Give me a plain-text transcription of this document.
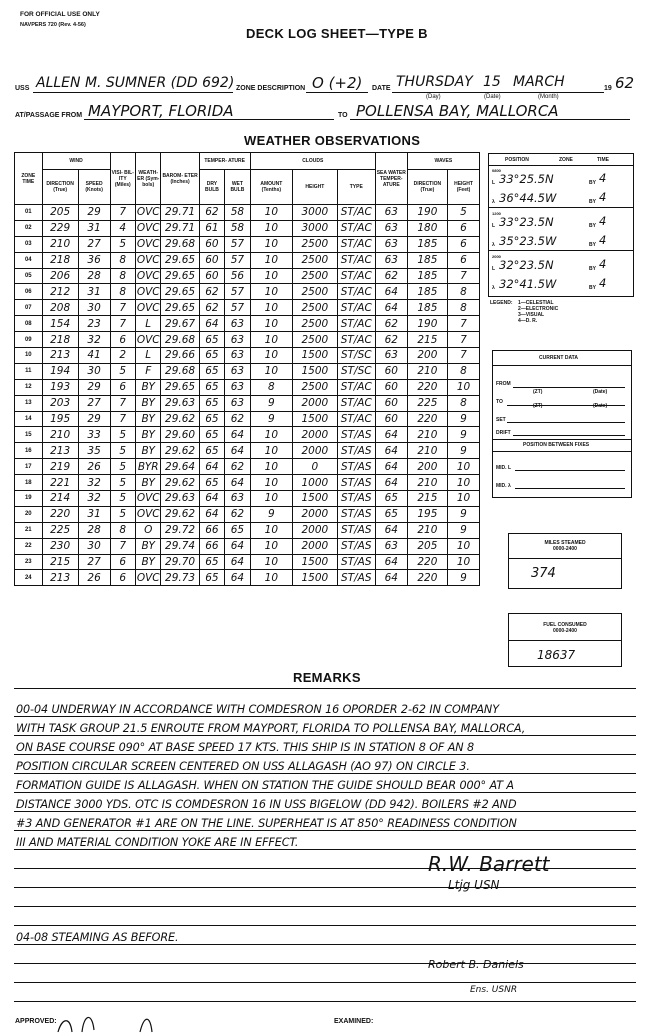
FOR OFFICIAL USE ONLY
NAVPERS 720 (Rev. 4-56)
DECK LOG SHEET—TYPE B
USS ALLEN M. SUMNER (DD 692) ZONE DESCRIPTION O (+2) DATE THURSDAY 15 MARCH	19 62
(Day)	(Date)	(Month)
AT/PASSAGE FROM MAYPORT, FLORIDA	TO POLLENSA BAY, MALLORCA
WEATHER OBSERVATIONS
ZONE TIME	WIND		VISI- BIL- ITY (Miles)	WEATH- ER (Sym- bols)	BAROM- ETER (Inches)	TEMPER- ATURE		CLOUDS			SEA WATER TEMPER- ATURE	WAVES	
	DIRECTION (True)	SPEED (Knots)				DRY BULB	WET BULB	AMOUNT (Tenths)	HEIGHT	TYPE		DIRECTION (True)	HEIGHT (Feet)
01	205	29	7	OVC	29.71	62	58	10	3000	ST/AC	63	190	5
02	229	31	4	OVC	29.71	61	58	10	3000	ST/AC	63	180	6
03	210	27	5	OVC	29.68	60	57	10	2500	ST/AC	63	185	6
04	218	36	8	OVC	29.65	60	57	10	2500	ST/AC	63	185	6
05	206	28	8	OVC	29.65	60	56	10	2500	ST/AC	62	185	7
06	212	31	8	OVC	29.65	62	57	10	2500	ST/AC	64	185	8
07	208	30	7	OVC	29.65	62	57	10	2500	ST/AC	64	185	8
08	154	23	7	L	29.67	64	63	10	2500	ST/AC	62	190	7
09	218	32	6	OVC	29.68	65	63	10	2500	ST/AC	62	215	7
10	213	41	2	L	29.66	65	63	10	1500	ST/SC	63	200	7
11	194	30	5	F	29.68	65	63	10	1500	ST/SC	60	210	8
12	193	29	6	BY	29.65	65	63	8	2500	ST/AC	60	220	10
13	203	27	7	BY	29.63	65	63	9	2000	ST/AC	60	225	8
14	195	29	7	BY	29.62	65	62	9	1500	ST/AC	60	220	9
15	210	33	5	BY	29.60	65	64	10	2000	ST/AS	64	210	9
16	213	35	5	BY	29.62	65	64	10	2000	ST/AS	64	210	9
17	219	26	5	BYR	29.64	64	62	10	0	ST/AS	64	200	10
18	221	32	5	BY	29.62	65	64	10	1000	ST/AS	64	210	10
19	214	32	5	OVC	29.63	64	63	10	1500	ST/AS	65	215	10
20	220	31	5	OVC	29.62	64	62	9	2000	ST/AS	65	195	9
21	225	28	8	O	29.72	66	65	10	2000	ST/AS	64	210	9
22	230	30	7	BY	29.74	66	64	10	2000	ST/AS	63	205	10
23	215	27	6	BY	29.70	65	64	10	1500	ST/AS	64	220	10
24	213	26	6	OVC	29.73	65	64	10	1500	ST/AS	64	220	9
POSITION	ZONE	TIME
0800
L 33°25.5N	BY 4
λ 36°44.5W	BY 4
1200
L 33°23.5N	BY 4
λ 35°23.5W	BY 4
2000
L 32°23.5N	BY 4
λ 32°41.5W	BY 4
LEGEND: 1—CELESTIAL
2—ELECTRONIC
3—VISUAL
4—D. R.
CURRENT DATA
FROM
(ZT)	(Date)
TO
(ZT)	(Date)
SET
DRIFT
POSITION BETWEEN FIXES
MID. L
MID. λ
MILES STEAMED
0000-2400
374
FUEL CONSUMED
0000-2400
18637
REMARKS
00-04 UNDERWAY IN ACCORDANCE WITH COMDESRON 16 OPORDER 2-62 IN COMPANY
WITH TASK GROUP 21.5 ENROUTE FROM MAYPORT, FLORIDA TO POLLENSA BAY, MALLORCA,
ON BASE COURSE 090° AT BASE SPEED 17 KTS. THIS SHIP IS IN STATION 8 OF AN 8
POSITION CIRCULAR SCREEN CENTERED ON USS ALLAGASH (AO 97) ON CIRCLE 3.
FORMATION GUIDE IS ALLAGASH. WHEN ON STATION THE GUIDE SHOULD BEAR 000° AT A
DISTANCE 3000 YDS. OTC IS COMDESRON 16 IN USS BIGELOW (DD 942). BOILERS #2 AND
#3 AND GENERATOR #1 ARE ON THE LINE. SUPERHEAT IS AT 850° READINESS CONDITION
III AND MATERIAL CONDITION YOKE ARE IN EFFECT.
R.W. Barrett
Ltjg USN
04-08 STEAMING AS BEFORE.
Robert B. Daniels
Ens. USNR
APPROVED:	EXAMINED:
